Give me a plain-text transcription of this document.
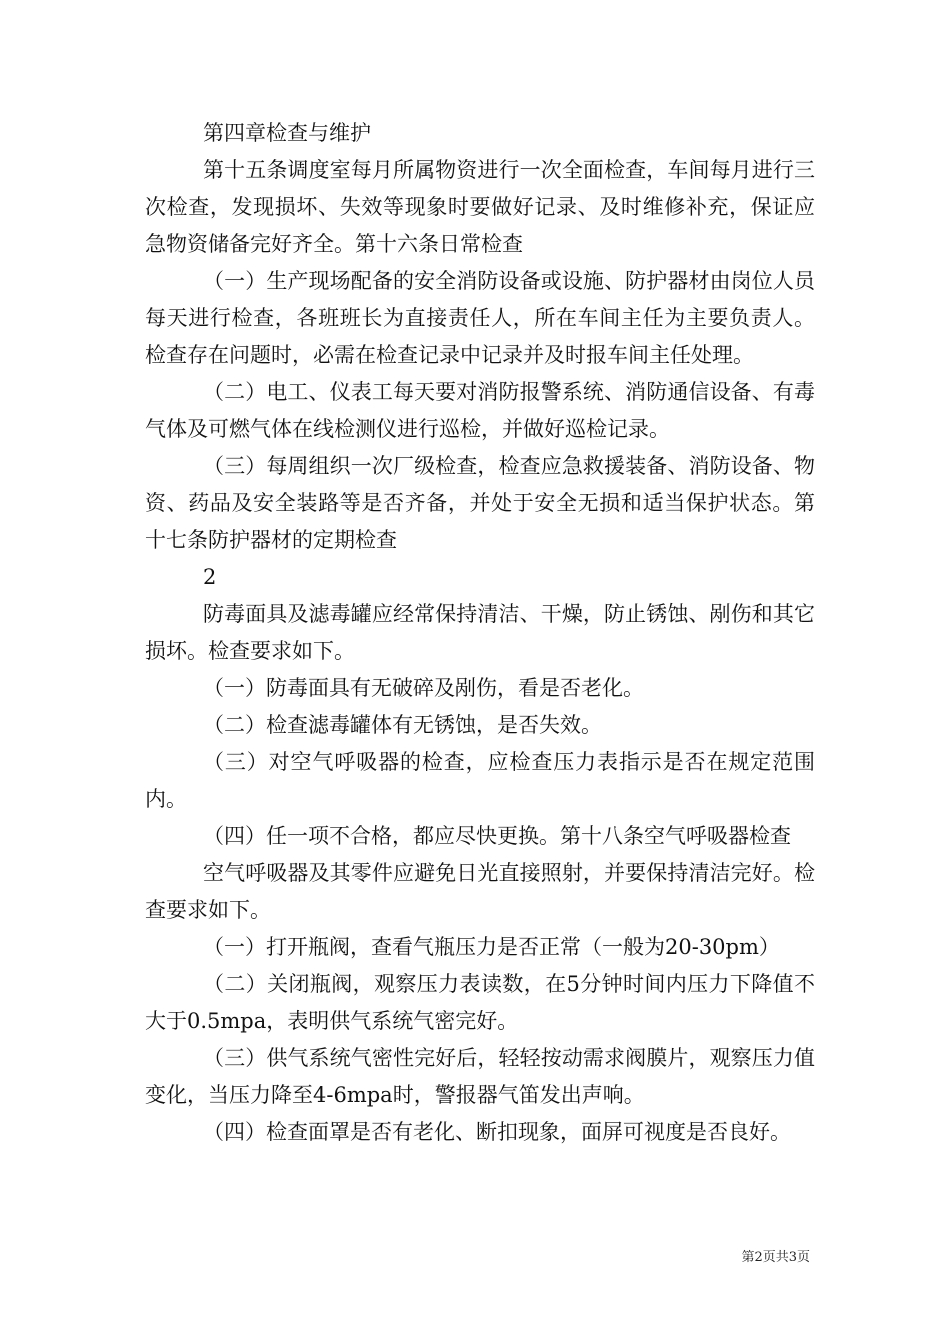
第四章检查与维护

第十五条调度室每月所属物资进行一次全面检查，车间每月进行三次检查，发现损坏、失效等现象时要做好记录、及时维修补充，保证应急物资储备完好齐全。第十六条日常检查

（一）生产现场配备的安全消防设备或设施、防护器材由岗位人员每天进行检查，各班班长为直接责任人，所在车间主任为主要负责人。检查存在问题时，必需在检查记录中记录并及时报车间主任处理。

（二）电工、仪表工每天要对消防报警系统、消防通信设备、有毒气体及可燃气体在线检测仪进行巡检，并做好巡检记录。

（三）每周组织一次厂级检查，检查应急救援装备、消防设备、物资、药品及安全装路等是否齐备，并处于安全无损和适当保护状态。第十七条防护器材的定期检查

2

防毒面具及滤毒罐应经常保持清洁、干燥，防止锈蚀、剐伤和其它损坏。检查要求如下。

（一）防毒面具有无破碎及剐伤，看是否老化。

（二）检查滤毒罐体有无锈蚀，是否失效。

（三）对空气呼吸器的检查，应检查压力表指示是否在规定范围内。

（四）任一项不合格，都应尽快更换。第十八条空气呼吸器检查

空气呼吸器及其零件应避免日光直接照射，并要保持清洁完好。检查要求如下。

（一）打开瓶阀，查看气瓶压力是否正常（一般为20-30pm）

（二）关闭瓶阀，观察压力表读数，在5分钟时间内压力下降值不大于0.5mpa，表明供气系统气密完好。

（三）供气系统气密性完好后，轻轻按动需求阀膜片，观察压力值变化，当压力降至4-6mpa时，警报器气笛发出声响。

（四）检查面罩是否有老化、断扣现象，面屏可视度是否良好。

第2页共3页
